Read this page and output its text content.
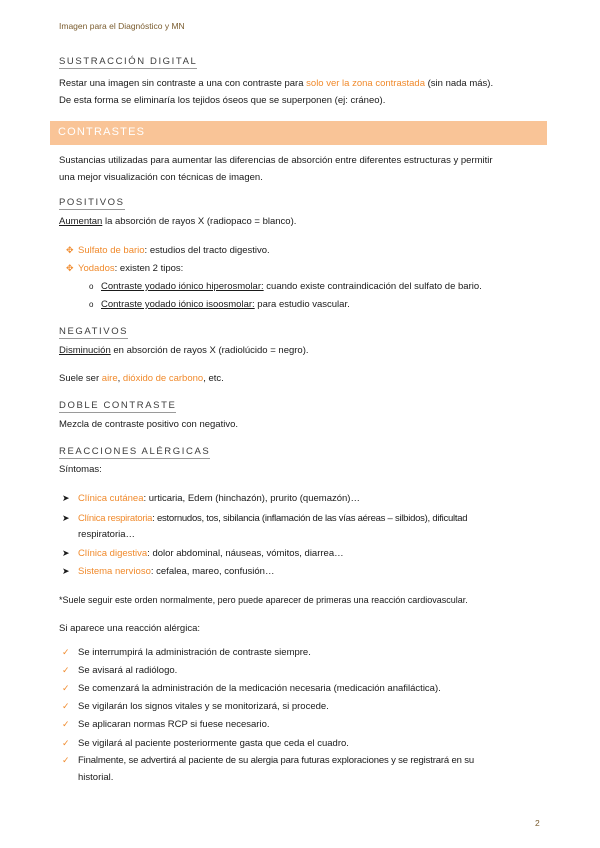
Imagen para el Diagnóstico y MN
SUSTRACCIÓN DIGITAL
Restar una imagen sin contraste a una con contraste para solo ver la zona contrastada (sin nada más).
De esta forma se eliminaría los tejidos óseos que se superponen (ej: cráneo).
CONTRASTES
Sustancias utilizadas para aumentar las diferencias de absorción entre diferentes estructuras y permitir
una mejor visualización con técnicas de imagen.
POSITIVOS
Aumentan la absorción de rayos X (radiopaco = blanco).
✥ Sulfato de bario: estudios del tracto digestivo.
✥ Yodados: existen 2 tipos:
o Contraste yodado iónico hiperosmolar: cuando existe contraindicación del sulfato de bario.
o Contraste yodado iónico isoosmolar: para estudio vascular.
NEGATIVOS
Disminución en absorción de rayos X (radiolúcido = negro).
Suele ser aire, dióxido de carbono, etc.
DOBLE CONTRASTE
Mezcla de contraste positivo con negativo.
REACCIONES ALÉRGICAS
Síntomas:
➤ Clínica cutánea: urticaria, Edem (hinchazón), prurito (quemazón)…
➤ Clínica respiratoria: estornudos, tos, sibilancia (inflamación de las vías aéreas – silbidos), dificultad
respiratoria…
➤ Clínica digestiva: dolor abdominal, náuseas, vómitos, diarrea…
➤ Sistema nervioso: cefalea, mareo, confusión…
*Suele seguir este orden normalmente, pero puede aparecer de primeras una reacción cardiovascular.
Si aparece una reacción alérgica:
✓ Se interrumpirá la administración de contraste siempre.
✓ Se avisará al radiólogo.
✓ Se comenzará la administración de la medicación necesaria (medicación anafiláctica).
✓ Se vigilarán los signos vitales y se monitorizará, si procede.
✓ Se aplicaran normas RCP si fuese necesario.
✓ Se vigilará al paciente posteriormente gasta que ceda el cuadro.
✓ Finalmente, se advertirá al paciente de su alergia para futuras exploraciones y se registrará en su
historial.
2
